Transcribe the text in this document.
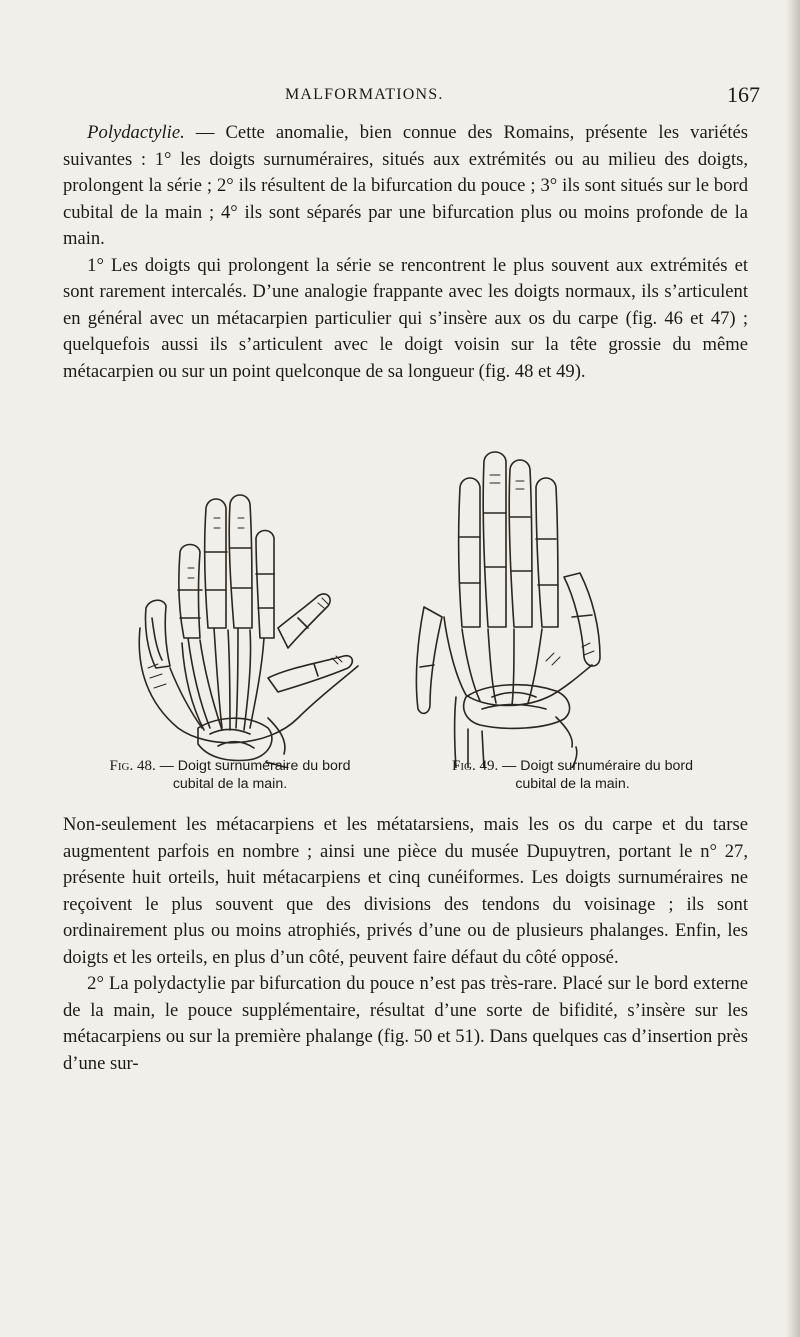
MALFORMATIONS.	167

Polydactylie. — Cette anomalie, bien connue des Romains, présente les variétés suivantes : 1° les doigts surnuméraires, situés aux extrémités ou au milieu des doigts, prolongent la série ; 2° ils résultent de la bifurcation du pouce ; 3° ils sont situés sur le bord cubital de la main ; 4° ils sont séparés par une bifurcation plus ou moins profonde de la main.

1° Les doigts qui prolongent la série se rencontrent le plus souvent aux extrémités et sont rarement intercalés. D’une analogie frappante avec les doigts normaux, ils s’articulent en général avec un métacarpien particulier qui s’insère aux os du carpe (fig. 46 et 47) ; quelquefois aussi ils s’articulent avec le doigt voisin sur la tête grossie du même métacarpien ou sur un point quelconque de sa longueur (fig. 48 et 49).

Fig. 48. — Doigt surnuméraire du bord
cubital de la main.
Fig. 49. — Doigt surnuméraire du bord
cubital de la main.

Non-seulement les métacarpiens et les métatarsiens, mais les os du carpe et du tarse augmentent parfois en nombre ; ainsi une pièce du musée Dupuytren, portant le n° 27, présente huit orteils, huit métacarpiens et cinq cunéiformes. Les doigts surnuméraires ne reçoivent le plus souvent que des divisions des tendons du voisinage ; ils sont ordinairement plus ou moins atrophiés, privés d’une ou de plusieurs phalanges. Enfin, les doigts et les orteils, en plus d’un côté, peuvent faire défaut du côté opposé.

2° La polydactylie par bifurcation du pouce n’est pas très-rare. Placé sur le bord externe de la main, le pouce supplémentaire, résultat d’une sorte de bifidité, s’insère sur les métacarpiens ou sur la première phalange (fig. 50 et 51). Dans quelques cas d’insertion près d’une sur-
